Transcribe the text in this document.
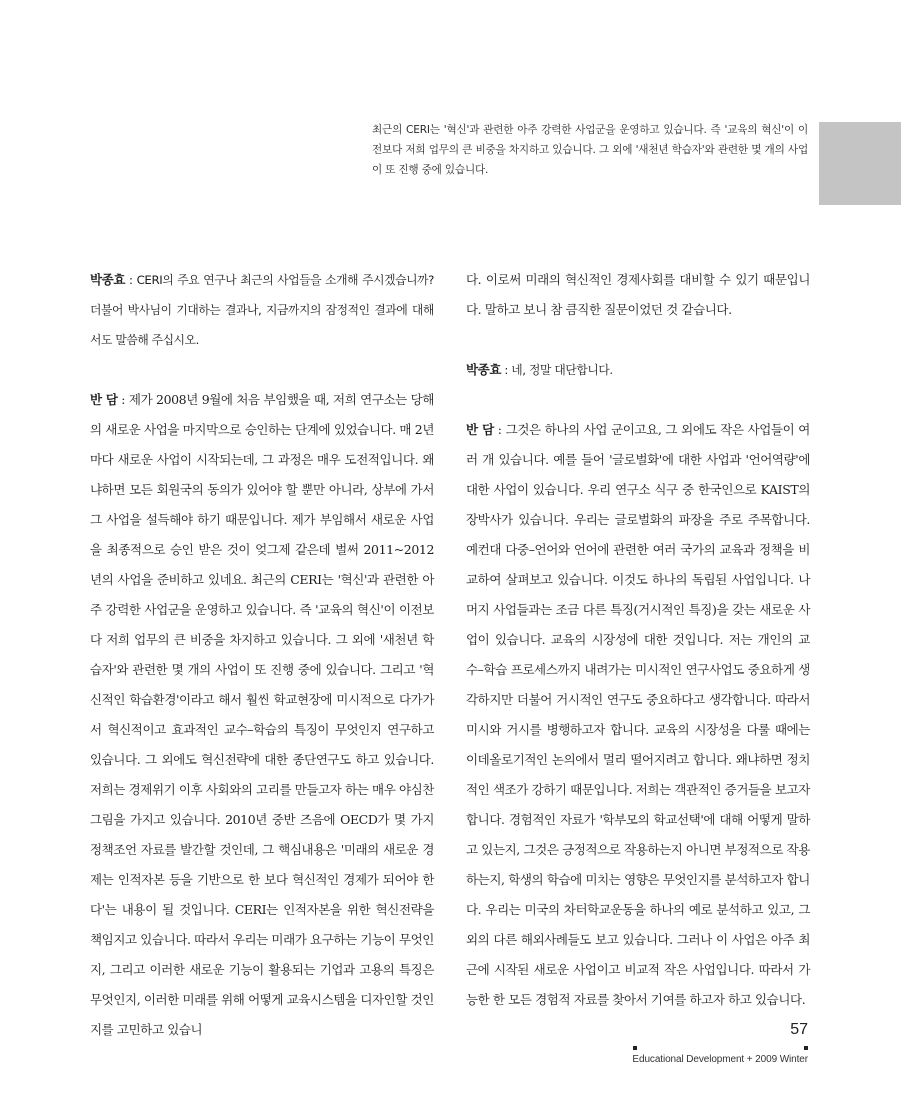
최근의 CERI는 '혁신'과 관련한 아주 강력한 사업군을 운영하고 있습니다. 즉 '교육의 혁신'이 이전보다 저희 업무의 큰 비중을 차지하고 있습니다. 그 외에 '새천년 학습자'와 관련한 몇 개의 사업이 또 진행 중에 있습니다.

박종효 : CERI의 주요 연구나 최근의 사업들을 소개해 주시겠습니까? 더불어 박사님이 기대하는 결과나, 지금까지의 잠정적인 결과에 대해서도 말씀해 주십시오.

반 담 : 제가 2008년 9월에 처음 부임했을 때, 저희 연구소는 당해의 새로운 사업을 마지막으로 승인하는 단계에 있었습니다. 매 2년마다 새로운 사업이 시작되는데, 그 과정은 매우 도전적입니다. 왜냐하면 모든 회원국의 동의가 있어야 할 뿐만 아니라, 상부에 가서 그 사업을 설득해야 하기 때문입니다. 제가 부임해서 새로운 사업을 최종적으로 승인 받은 것이 엊그제 같은데 벌써 2011~2012년의 사업을 준비하고 있네요. 최근의 CERI는 '혁신'과 관련한 아주 강력한 사업군을 운영하고 있습니다. 즉 '교육의 혁신'이 이전보다 저희 업무의 큰 비중을 차지하고 있습니다. 그 외에 '새천년 학습자'와 관련한 몇 개의 사업이 또 진행 중에 있습니다. 그리고 '혁신적인 학습환경'이라고 해서 훨씬 학교현장에 미시적으로 다가가서 혁신적이고 효과적인 교수–학습의 특징이 무엇인지 연구하고 있습니다. 그 외에도 혁신전략에 대한 종단연구도 하고 있습니다. 저희는 경제위기 이후 사회와의 고리를 만들고자 하는 매우 야심찬 그림을 가지고 있습니다. 2010년 중반 즈음에 OECD가 몇 가지 정책조언 자료를 발간할 것인데, 그 핵심내용은 '미래의 새로운 경제는 인적자본 등을 기반으로 한 보다 혁신적인 경제가 되어야 한다'는 내용이 될 것입니다. CERI는 인적자본을 위한 혁신전략을 책임지고 있습니다. 따라서 우리는 미래가 요구하는 기능이 무엇인지, 그리고 이러한 새로운 기능이 활용되는 기업과 고용의 특징은 무엇인지, 이러한 미래를 위해 어떻게 교육시스템을 디자인할 것인지를 고민하고 있습니

다. 이로써 미래의 혁신적인 경제사회를 대비할 수 있기 때문입니다. 말하고 보니 참 큼직한 질문이었던 것 같습니다.

박종효 : 네, 정말 대단합니다.

반 담 : 그것은 하나의 사업 군이고요, 그 외에도 작은 사업들이 여러 개 있습니다. 예를 들어 '글로벌화'에 대한 사업과 '언어역량'에 대한 사업이 있습니다. 우리 연구소 식구 중 한국인으로 KAIST의 장박사가 있습니다. 우리는 글로벌화의 파장을 주로 주목합니다. 예컨대 다중–언어와 언어에 관련한 여러 국가의 교육과 정책을 비교하여 살펴보고 있습니다. 이것도 하나의 독립된 사업입니다. 나머지 사업들과는 조금 다른 특징(거시적인 특징)을 갖는 새로운 사업이 있습니다. 교육의 시장성에 대한 것입니다. 저는 개인의 교수–학습 프로세스까지 내려가는 미시적인 연구사업도 중요하게 생각하지만 더불어 거시적인 연구도 중요하다고 생각합니다. 따라서 미시와 거시를 병행하고자 합니다. 교육의 시장성을 다룰 때에는 이데올로기적인 논의에서 멀리 떨어지려고 합니다. 왜냐하면 정치적인 색조가 강하기 때문입니다. 저희는 객관적인 증거들을 보고자 합니다. 경험적인 자료가 '학부모의 학교선택'에 대해 어떻게 말하고 있는지, 그것은 긍정적으로 작용하는지 아니면 부정적으로 작용하는지, 학생의 학습에 미치는 영향은 무엇인지를 분석하고자 합니다. 우리는 미국의 차터학교운동을 하나의 예로 분석하고 있고, 그 외의 다른 해외사례들도 보고 있습니다. 그러나 이 사업은 아주 최근에 시작된 새로운 사업이고 비교적 작은 사업입니다. 따라서 가능한 한 모든 경험적 자료를 찾아서 기여를 하고자 하고 있습니다.

57
Educational Development + 2009 Winter
